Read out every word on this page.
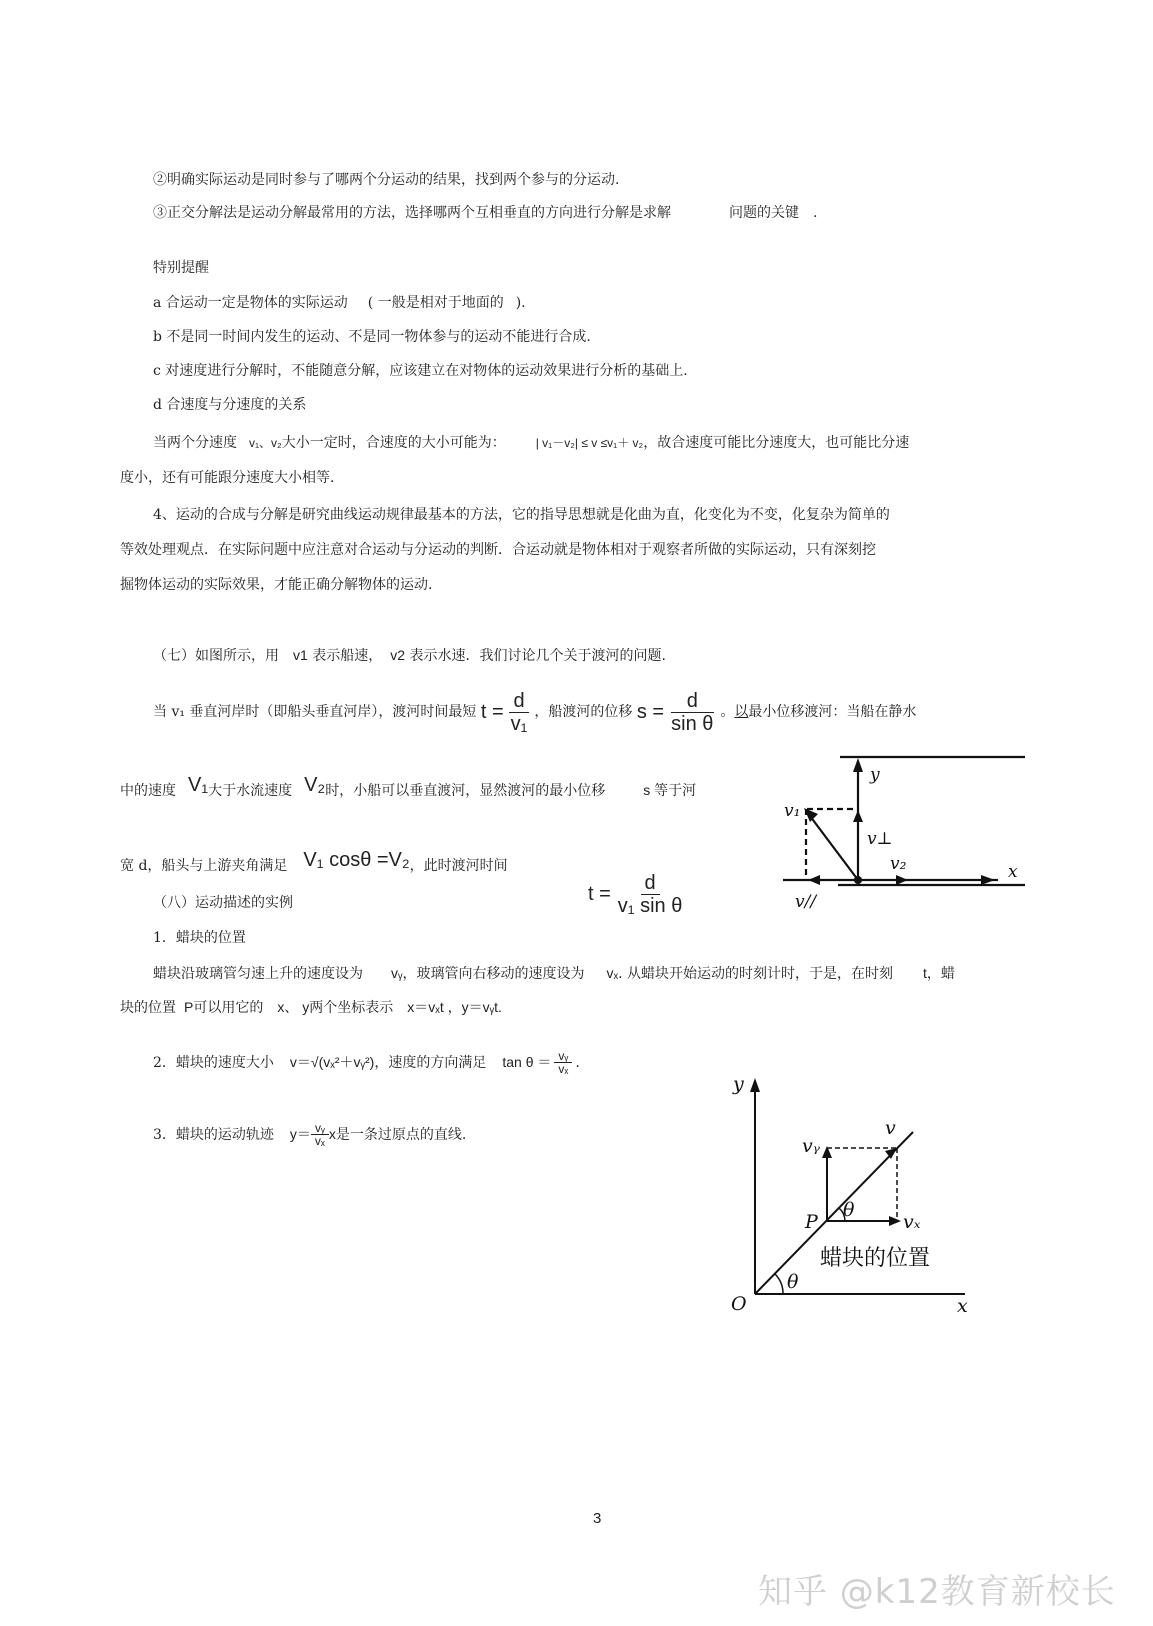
②明确实际运动是同时参与了哪两个分运动的结果，找到两个参与的分运动.
③正交分解法是运动分解最常用的方法，选择哪两个互相垂直的方向进行分解是求解	问题的关键 .
特别提醒
a 合运动一定是物体的实际运动 ( 一般是相对于地面的 ).
b 不是同一时间内发生的运动、不是同一物体参与的运动不能进行合成.
c 对速度进行分解时，不能随意分解，应该建立在对物体的运动效果进行分析的基础上.
d 合速度与分速度的关系
当两个分速度 v₁、v₂大小一定时，合速度的大小可能为：	| v₁－v₂| ≤ v ≤v₁＋ v₂，故合速度可能比分速度大，也可能比分速
度小，还有可能跟分速度大小相等.
4、运动的合成与分解是研究曲线运动规律最基本的方法，它的指导思想就是化曲为直，化变化为不变，化复杂为简单的
等效处理观点．在实际问题中应注意对合运动与分运动的判断．合运动就是物体相对于观察者所做的实际运动，只有深刻挖
掘物体运动的实际效果，才能正确分解物体的运动.
（七）如图所示，用 v1 表示船速， v2 表示水速．我们讨论几个关于渡河的问题.
当 v₁ 垂直河岸时（即船头垂直河岸），渡河时间最短 $t = \frac{d}{\text{v₁}}$ ，船渡河的位移 $s = \frac{d}{\text{sin θ}}$ 。以最小位移渡河：当船在静水
中的速度 V₁大于水流速度 V₂时，小船可以垂直渡河，显然渡河的最小位移	s 等于河
宽 d，船头与上游夹角满足 V₁ cosθ =V₂，此时渡河时间
$t = \frac{d}{\text{v₁ sin θ}}$
y
v₁
v⊥
v₂	x
v//
（八）运动描述的实例
1．蜡块的位置
蜡块沿玻璃管匀速上升的速度设为 vᵧ，玻璃管向右移动的速度设为 vₓ. 从蜡块开始运动的时刻计时，于是，在时刻 t，蜡
块的位置 P可以用它的 x、 y两个坐标表示 x＝vₓt ，y＝vᵧt.
2．蜡块的速度大小 v＝√(vₓ²＋vᵧ²)，速度的方向满足 $\tan \theta = \frac{\text{vᵧ}}{\text{vₓ}}$ .
3．蜡块的运动轨迹 $y= \frac{\text{vᵧ}}{\text{vₓ}}$ x是一条过原点的直线.
y
vᵧ
v
P
θ
vₓ
θ
O	x
蜡块的位置
3
知乎 @k12教育新校长
